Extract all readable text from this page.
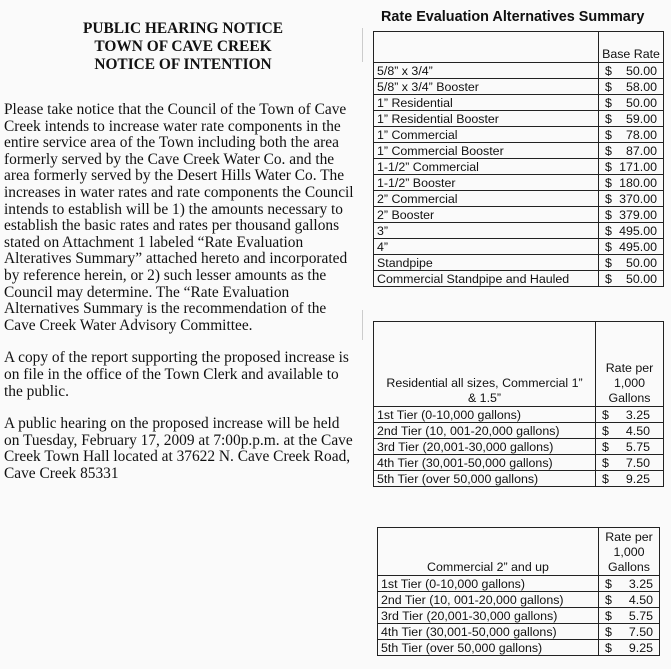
PUBLIC HEARING NOTICE

TOWN OF CAVE CREEK

NOTICE OF INTENTION

Please take notice that the Council of the Town of Cave Creek intends to increase water rate components in the entire service area of the Town including both the area formerly served by the Cave Creek Water Co. and the area formerly served by the Desert Hills Water Co. The increases in water rates and rate components the Council intends to establish will be 1) the amounts necessary to establish the basic rates and rates per thousand gallons stated on Attachment 1 labeled “Rate Evaluation Alteratives Summary” attached hereto and incorporated by reference herein, or 2) such lesser amounts as the Council may determine. The “Rate Evaluation Alternatives Summary is the recommendation of the Cave Creek Water Advisory Committee.

A copy of the report supporting the proposed increase is on file in the office of the Town Clerk and available to the public.

A public hearing on the proposed increase will be held on Tuesday, February 17, 2009 at 7:00p.p.m. at the Cave Creek Town Hall located at 37622 N. Cave Creek Road, Cave Creek 85331

Rate Evaluation Alternatives Summary
	Base Rate
5/8” x 3/4”	$ 50.00
5/8” x 3/4” Booster	$ 58.00
1” Residential	$ 50.00
1” Residential Booster	$ 59.00
1” Commercial	$ 78.00
1” Commercial Booster	$ 87.00
1-1/2” Commercial	$ 171.00
1-1/2” Booster	$ 180.00
2” Commercial	$ 370.00
2” Booster	$ 379.00
3”	$ 495.00
4”	$ 495.00
Standpipe	$ 50.00
Commercial Standpipe and Hauled	$ 50.00
Residential all sizes, Commercial 1”
& 1.5”	Rate per
1,000
Gallons
1st Tier (0-10,000 gallons)	$ 3.25
2nd Tier (10, 001-20,000 gallons)	$ 4.50
3rd Tier (20,001-30,000 gallons)	$ 5.75
4th Tier (30,001-50,000 gallons)	$ 7.50
5th Tier (over 50,000 gallons)	$ 9.25
Commercial 2” and up	Rate per
1,000
Gallons
1st Tier (0-10,000 gallons)	$ 3.25
2nd Tier (10, 001-20,000 gallons)	$ 4.50
3rd Tier (20,001-30,000 gallons)	$ 5.75
4th Tier (30,001-50,000 gallons)	$ 7.50
5th Tier (over 50,000 gallons)	$ 9.25
